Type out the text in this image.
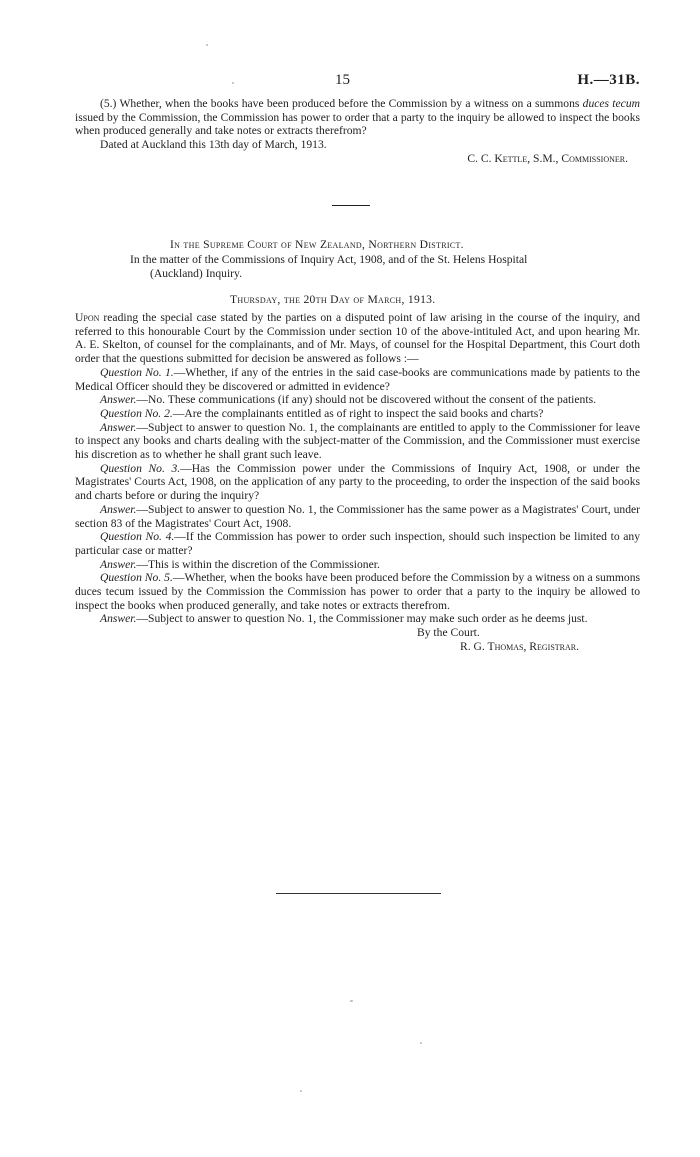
15	H.—31B.

(5.) Whether, when the books have been produced before the Commission by a witness on a summons duces tecum issued by the Commission, the Commission has power to order that a party to the inquiry be allowed to inspect the books when produced generally and take notes or extracts therefrom?

Dated at Auckland this 13th day of March, 1913.

C. C. Kettle, S.M., Commissioner.

In the Supreme Court of New Zealand, Northern District.
In the matter of the Commissions of Inquiry Act, 1908, and of the St. Helens Hospital
(Auckland) Inquiry.
Thursday, the 20th Day of March, 1913.

Upon reading the special case stated by the parties on a disputed point of law arising in the course of the inquiry, and referred to this honourable Court by the Commission under section 10 of the above-intituled Act, and upon hearing Mr. A. E. Skelton, of counsel for the complainants, and of Mr. Mays, of counsel for the Hospital Department, this Court doth order that the questions submitted for decision be answered as follows :—

Question No. 1.—Whether, if any of the entries in the said case-books are communications made by patients to the Medical Officer should they be discovered or admitted in evidence?

Answer.—No. These communications (if any) should not be discovered without the consent of the patients.

Question No. 2.—Are the complainants entitled as of right to inspect the said books and charts?

Answer.—Subject to answer to question No. 1, the complainants are entitled to apply to the Commissioner for leave to inspect any books and charts dealing with the subject-matter of the Commission, and the Commissioner must exercise his discretion as to whether he shall grant such leave.

Question No. 3.—Has the Commission power under the Commissions of Inquiry Act, 1908, or under the Magistrates' Courts Act, 1908, on the application of any party to the proceeding, to order the inspection of the said books and charts before or during the inquiry?

Answer.—Subject to answer to question No. 1, the Commissioner has the same power as a Magistrates' Court, under section 83 of the Magistrates' Court Act, 1908.

Question No. 4.—If the Commission has power to order such inspection, should such inspection be limited to any particular case or matter?

Answer.—This is within the discretion of the Commissioner.

Question No. 5.—Whether, when the books have been produced before the Commission by a witness on a summons duces tecum issued by the Commission the Commission has power to order that a party to the inquiry be allowed to inspect the books when produced generally, and take notes or extracts therefrom.

Answer.—Subject to answer to question No. 1, the Commissioner may make such order as he deems just.

By the Court.

R. G. Thomas, Registrar.
